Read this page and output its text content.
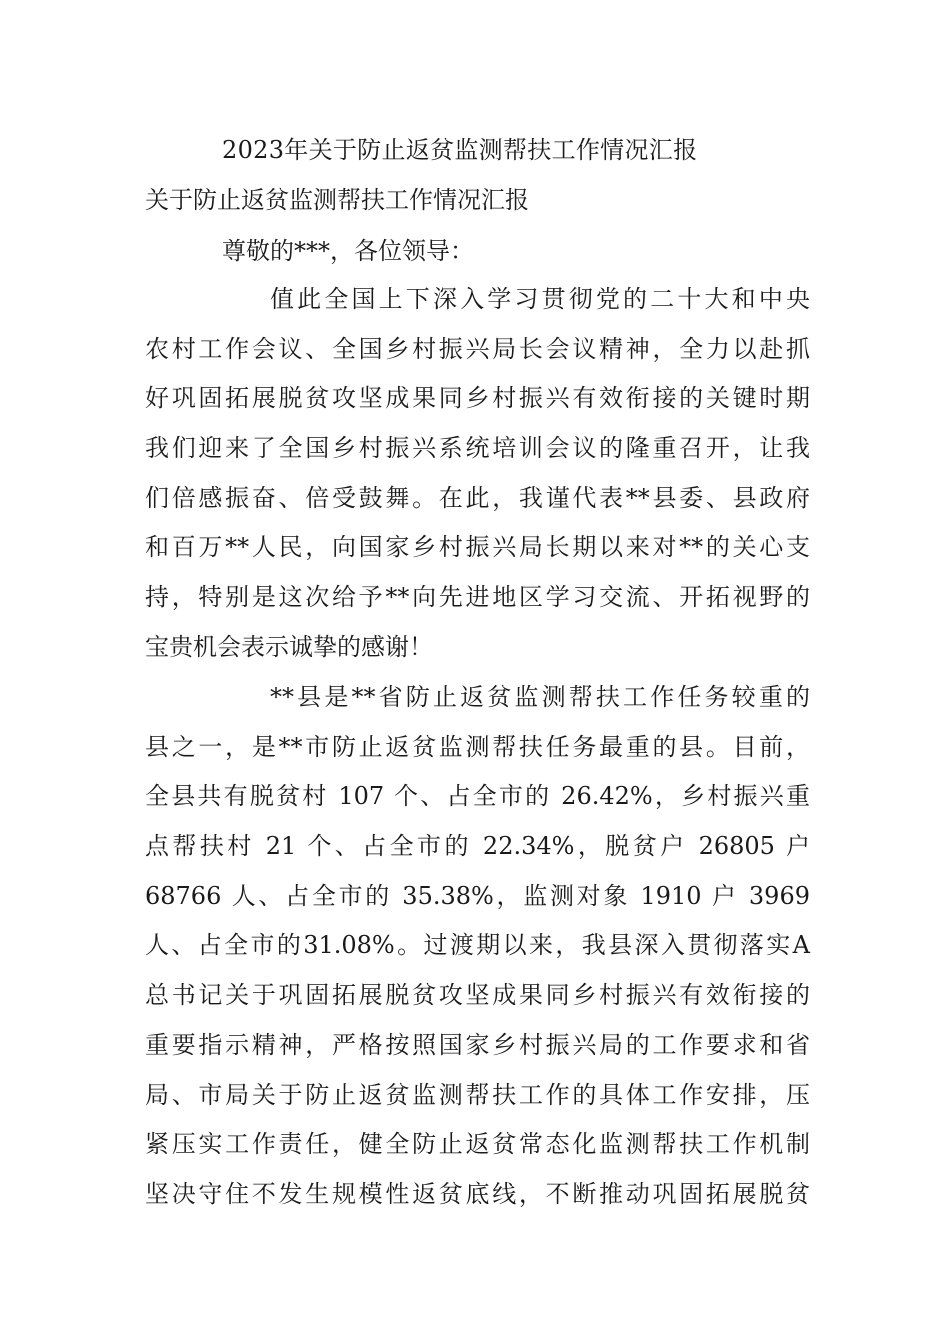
2023年关于防止返贫监测帮扶工作情况汇报
关于防止返贫监测帮扶工作情况汇报
尊敬的***，各位领导：
值此全国上下深入学习贯彻党的二十大和中央
农村工作会议、全国乡村振兴局长会议精神，全力以赴抓
好巩固拓展脱贫攻坚成果同乡村振兴有效衔接的关键时期
我们迎来了全国乡村振兴系统培训会议的隆重召开，让我
们倍感振奋、倍受鼓舞。在此，我谨代表**县委、县政府
和百万**人民，向国家乡村振兴局长期以来对**的关心支
持，特别是这次给予**向先进地区学习交流、开拓视野的
宝贵机会表示诚挚的感谢！
**县是**省防止返贫监测帮扶工作任务较重的
县之一，是**市防止返贫监测帮扶任务最重的县。目前，
全县共有脱贫村 107 个、占全市的 26.42%，乡村振兴重
点帮扶村 21 个、占全市的 22.34%，脱贫户 26805 户
68766 人、占全市的 35.38%，监测对象 1910 户 3969
人、占全市的31.08%。过渡期以来，我县深入贯彻落实A
总书记关于巩固拓展脱贫攻坚成果同乡村振兴有效衔接的
重要指示精神，严格按照国家乡村振兴局的工作要求和省
局、市局关于防止返贫监测帮扶工作的具体工作安排，压
紧压实工作责任，健全防止返贫常态化监测帮扶工作机制
坚决守住不发生规模性返贫底线，不断推动巩固拓展脱贫
